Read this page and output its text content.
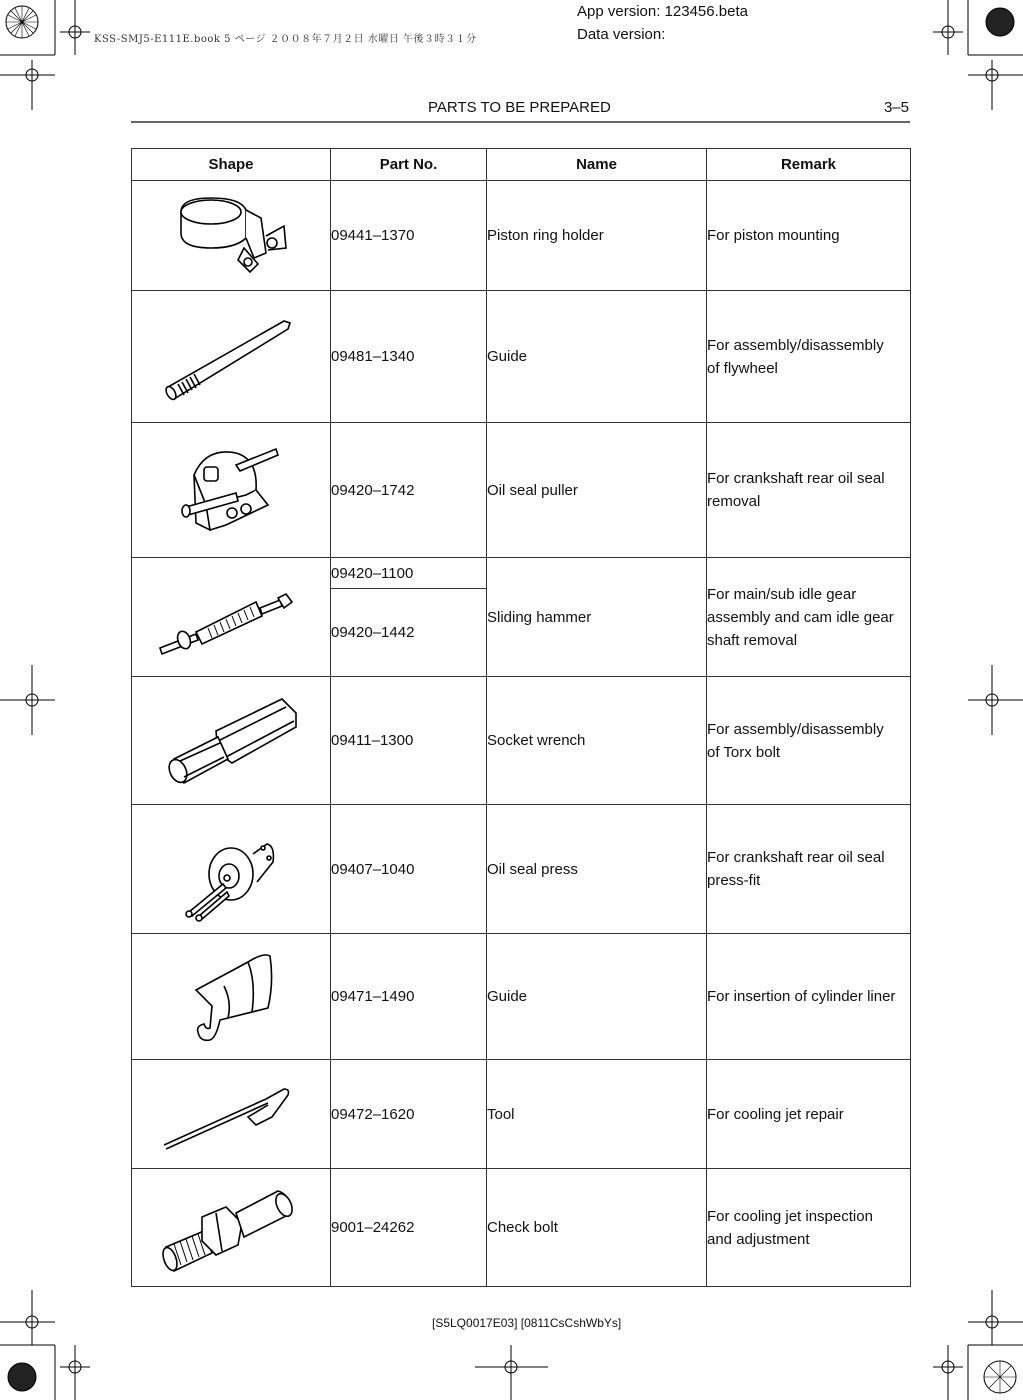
App version: 123456.beta
Data version:
KSS-SMJ5-E111E.book 5 ページ ２００８年７月２日 水曜日 午後３時３１分
PARTS TO BE PREPARED	3–5
Shape	Part No.	Name	Remark

	09441–1370	Piston ring holder	For piston mounting

	09481–1340	Guide	For assembly/disassembly
of flywheel

	09420–1742	Oil seal puller	For crankshaft rear oil seal
removal

	09420–1100	Sliding hammer	For main/sub idle gear
assembly and cam idle gear
shaft removal

	09420–1442		

	09411–1300	Socket wrench	For assembly/disassembly
of Torx bolt

	09407–1040	Oil seal press	For crankshaft rear oil seal
press-fit

	09471–1490	Guide	For insertion of cylinder liner

	09472–1620	Tool	For cooling jet repair

	9001–24262	Check bolt	For cooling jet inspection
and adjustment
[S5LQ0017E03] [0811CsCshWbYs]
